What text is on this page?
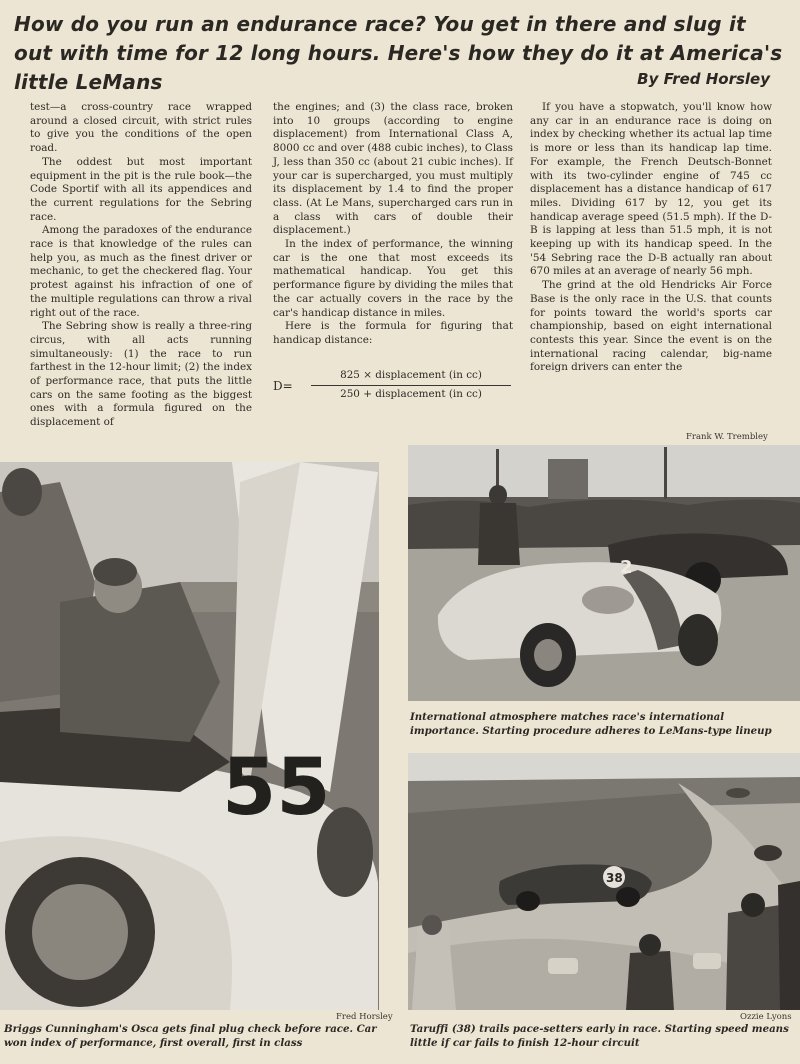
How do you run an endurance race? You get in there and slug it out with time for 12 long hours. Here's how they do it at America's little LeMans	By Fred Horsley

test—a cross-country race wrapped around a closed circuit, with strict rules to give you the conditions of the open road.

The oddest but most important equipment in the pit is the rule book—the Code Sportif with all its appendices and the current regulations for the Sebring race.

Among the paradoxes of the endurance race is that knowledge of the rules can help you, as much as the finest driver or mechanic, to get the checkered flag. Your protest against his infraction of one of the multiple regulations can throw a rival right out of the race.

The Sebring show is really a three-ring circus, with all acts running simultaneously: (1) the race to run farthest in the 12-hour limit; (2) the index of performance race, that puts the little cars on the same footing as the biggest ones with a formula figured on the displacement of

the engines; and (3) the class race, broken into 10 groups (according to engine displacement) from International Class A, 8000 cc and over (488 cubic inches), to Class J, less than 350 cc (about 21 cubic inches). If your car is supercharged, you must multiply its displacement by 1.4 to find the proper class. (At Le Mans, supercharged cars run in a class with cars of double their displacement.)

In the index of performance, the winning car is the one that most exceeds its mathematical handicap. You get this performance figure by dividing the miles that the car actually covers in the race by the car's handicap distance in miles.

Here is the formula for figuring that handicap distance:

D=
825 × displacement (in cc)
250 + displacement (in cc)

If you have a stopwatch, you'll know how any car in an endurance race is doing on index by checking whether its actual lap time is more or less than its handicap lap time. For example, the French Deutsch-Bonnet with its two-cylinder engine of 745 cc displacement has a distance handicap of 617 miles. Dividing 617 by 12, you get its handicap average speed (51.5 mph). If the D-B is lapping at less than 51.5 mph, it is not keeping up with its handicap speed. In the '54 Sebring race the D-B actually ran about 670 miles at an average of nearly 56 mph.

The grind at the old Hendricks Air Force Base is the only race in the U.S. that counts for points toward the world's sports car championship, based on eight international contests this year. Since the event is on the international racing calendar, big-name foreign drivers can enter the

55
Frank W. Trembley
2
International atmosphere matches race's international importance. Starting procedure adheres to LeMans-type lineup
38
Fred Horsley	Ozzie Lyons
Briggs Cunningham's Osca gets final plug check before race. Car won index of performance, first overall, first in class
Taruffi (38) trails pace-setters early in race. Starting speed means little if car fails to finish 12-hour circuit
